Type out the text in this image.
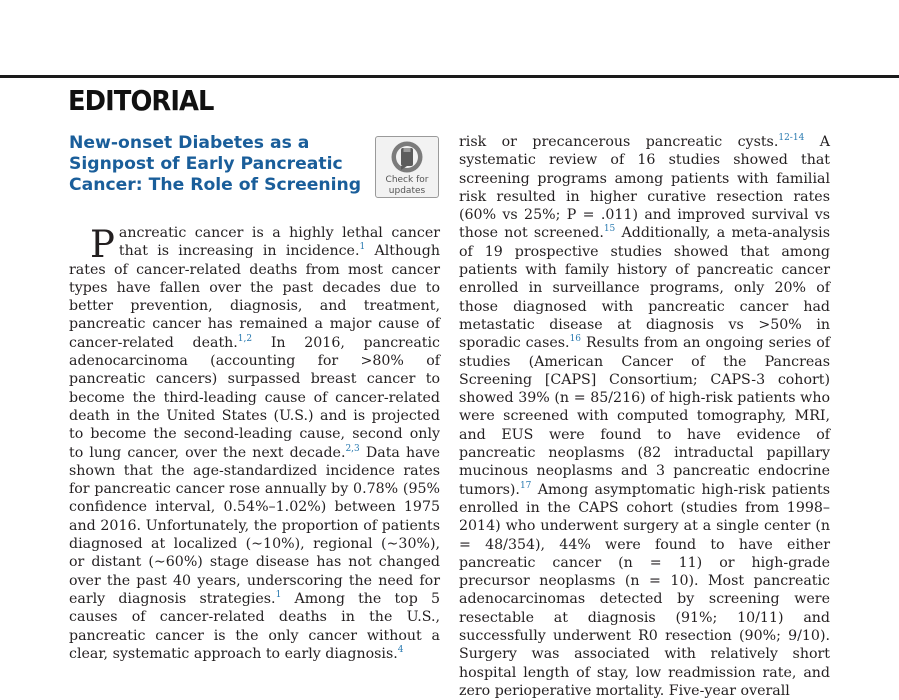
EDITORIAL
New-onset Diabetes as a Signpost of Early Pancreatic Cancer: The Role of Screening	Check for
updates

Pancreatic cancer is a highly lethal cancer that is increasing in incidence.$^1$ Although rates of cancer-related deaths from most cancer types have fallen over the past decades due to better prevention, diagnosis, and treatment, pancreatic cancer has remained a major cause of cancer-related death.$^{1,2}$ In 2016, pancreatic adenocarcinoma (accounting for >80% of pancreatic cancers) surpassed breast cancer to become the third-leading cause of cancer-related death in the United States (U.S.) and is projected to become the second-leading cause, second only to lung cancer, over the next decade.$^{2,3}$ Data have shown that the age-standardized incidence rates for pancreatic cancer rose annually by 0.78% (95% confidence interval, 0.54%–1.02%) between 1975 and 2016. Unfortunately, the proportion of patients diagnosed at localized (∼10%), regional (∼30%), or distant (∼60%) stage disease has not changed over the past 40 years, underscoring the need for early diagnosis strategies.$^1$ Among the top 5 causes of cancer-related deaths in the U.S., pancreatic cancer is the only cancer without a clear, systematic approach to early diagnosis.$^4$

risk or precancerous pancreatic cysts.$^{12-14}$ A systematic review of 16 studies showed that screening programs among patients with familial risk resulted in higher curative resection rates (60% vs 25%; P = .011) and improved survival vs those not screened.$^{15}$ Additionally, a meta-analysis of 19 prospective studies showed that among patients with family history of pancreatic cancer enrolled in surveillance programs, only 20% of those diagnosed with pancreatic cancer had metastatic disease at diagnosis vs >50% in sporadic cases.$^{16}$ Results from an ongoing series of studies (American Cancer of the Pancreas Screening [CAPS] Consortium; CAPS-3 cohort) showed 39% (n = 85/216) of high-risk patients who were screened with computed tomography, MRI, and EUS were found to have evidence of pancreatic neoplasms (82 intraductal papillary mucinous neoplasms and 3 pancreatic endocrine tumors).$^{17}$ Among asymptomatic high-risk patients enrolled in the CAPS cohort (studies from 1998–2014) who underwent surgery at a single center (n = 48/354), 44% were found to have either pancreatic cancer (n = 11) or high-grade precursor neoplasms (n = 10). Most pancreatic adenocarcinomas detected by screening were resectable at diagnosis (91%; 10/11) and successfully underwent R0 resection (90%; 9/10). Surgery was associated with relatively short hospital length of stay, low readmission rate, and zero perioperative mortality. Five-year overall
